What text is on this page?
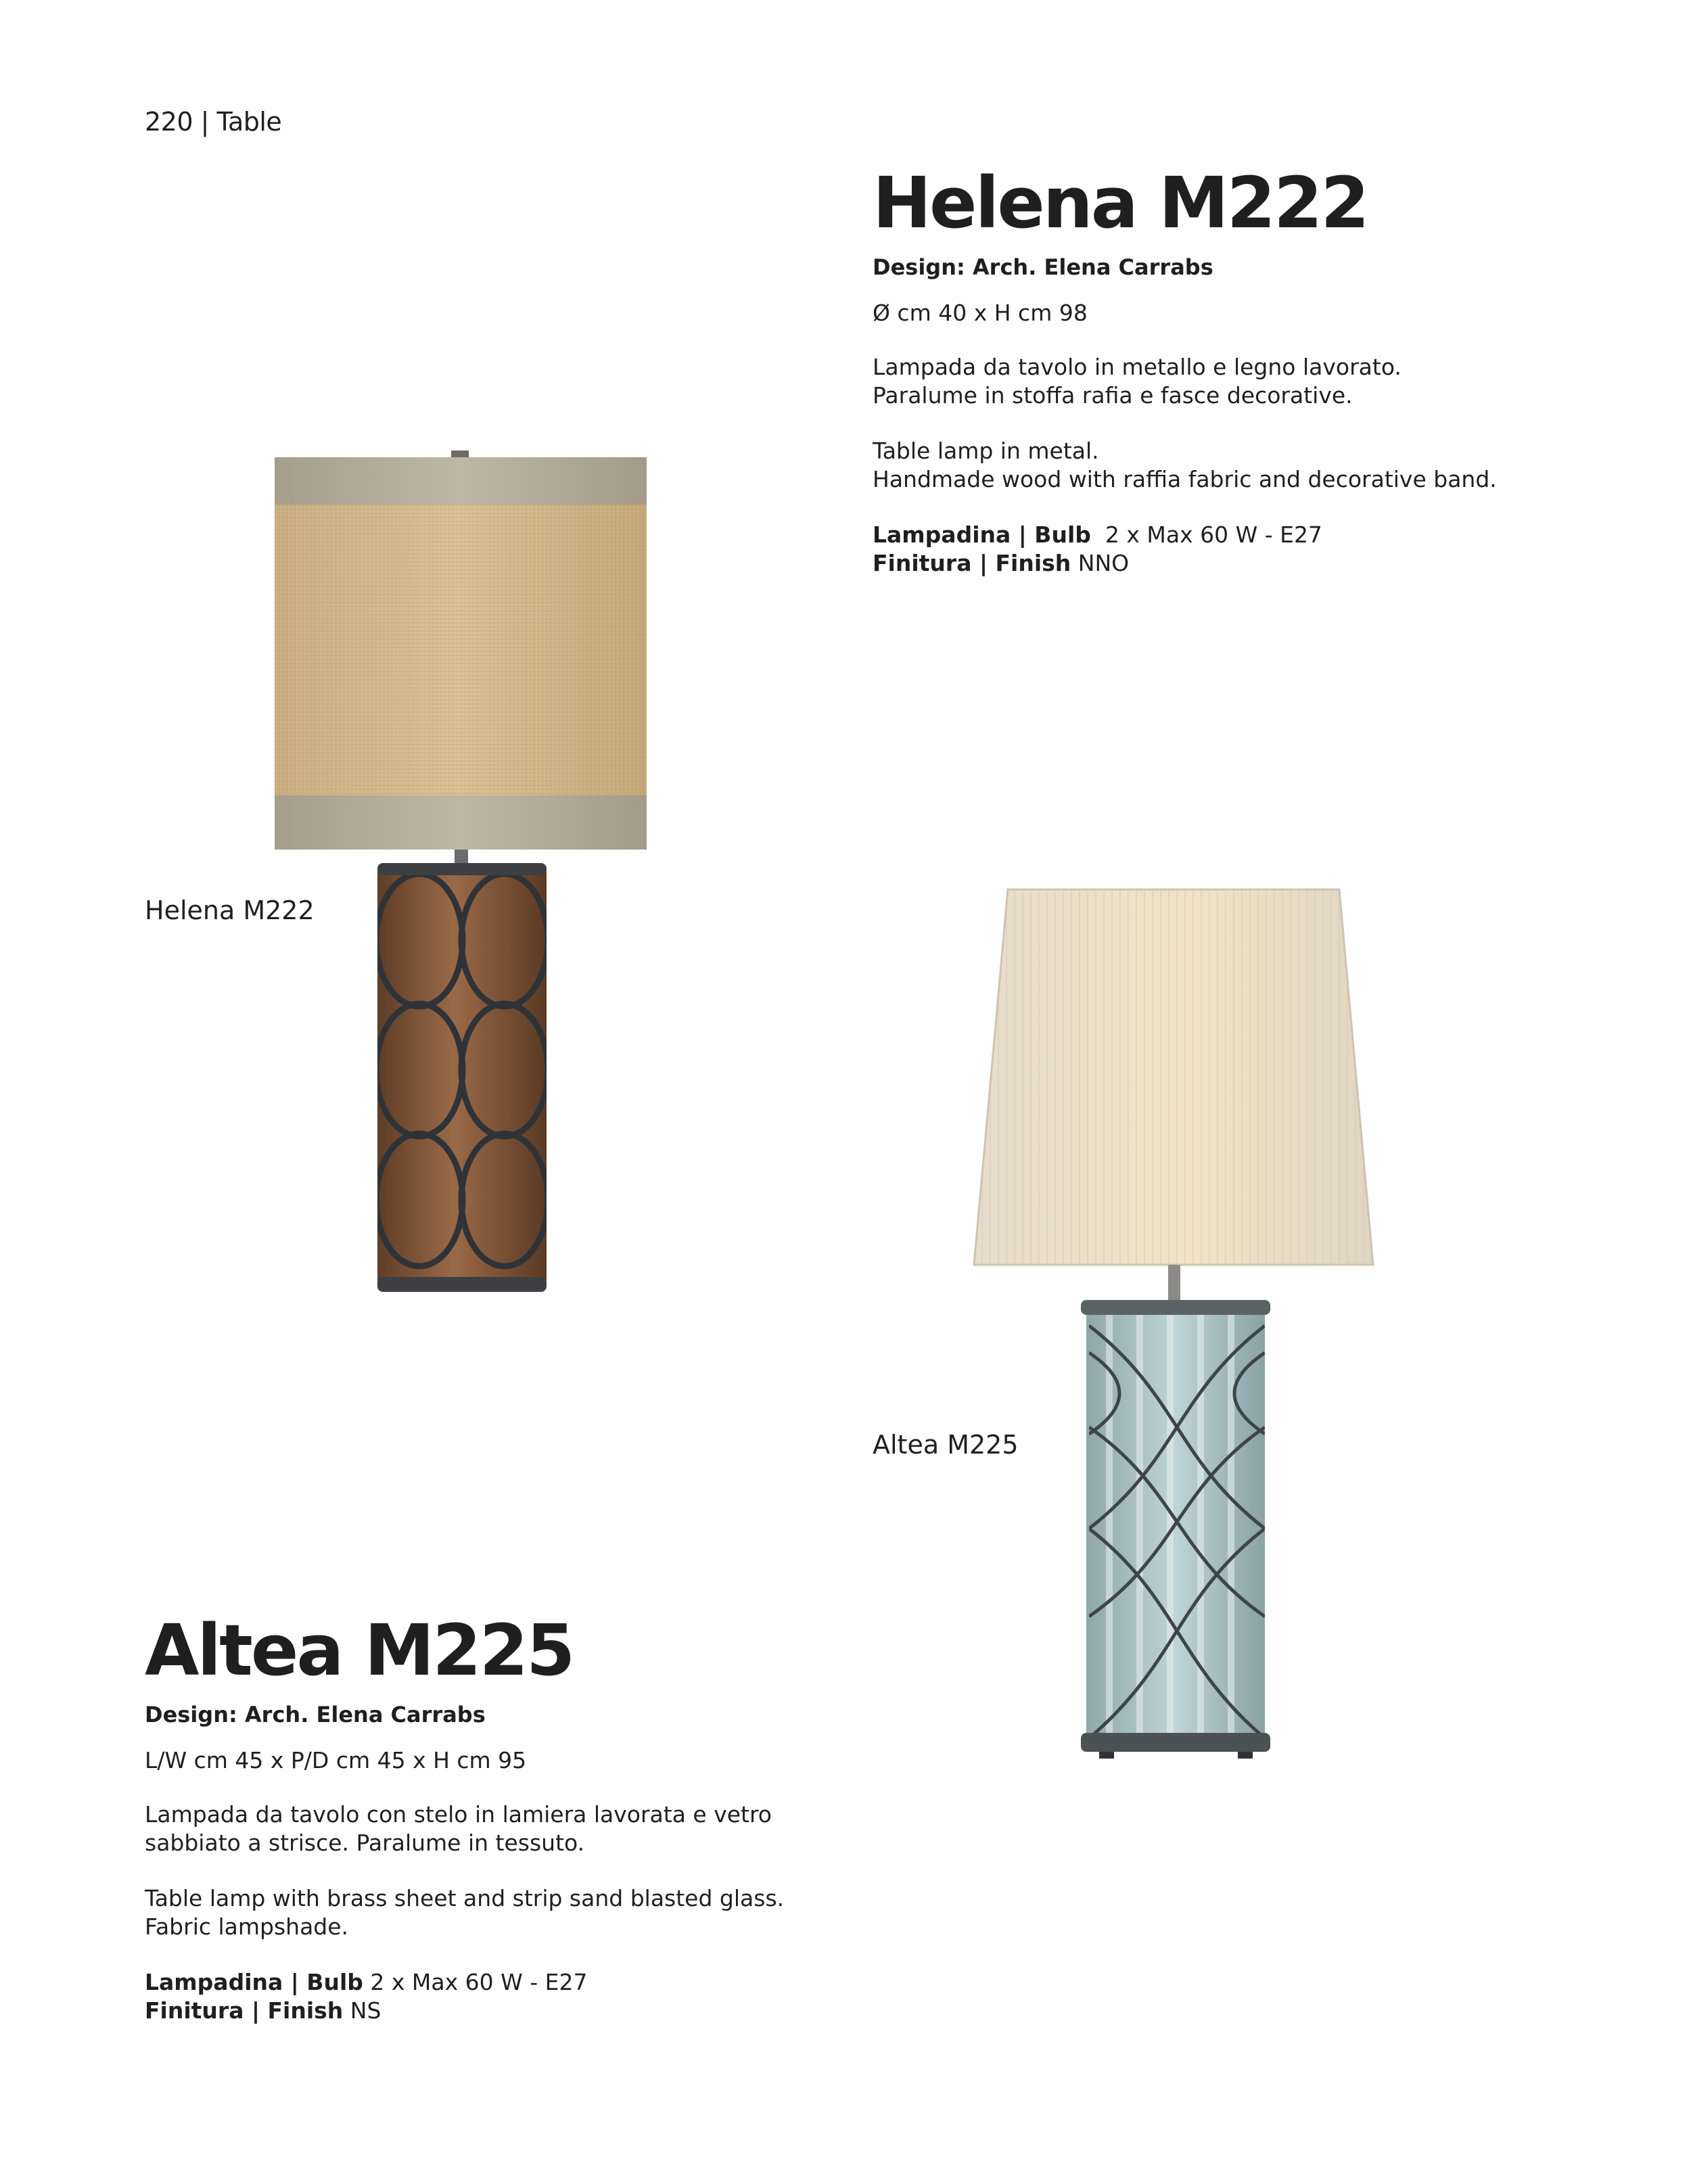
220 | Table
Helena M222
Design: Arch. Elena Carrabs
Ø cm 40 x H cm 98

Lampada da tavolo in metallo e legno lavorato.

Paralume in stoffa rafia e fasce decorative.

Table lamp in metal.

Handmade wood with raffia fabric and decorative band.

Lampadina | Bulb 2 x Max 60 W - E27

Finitura | Finish NNO

Helena M222
Altea M225
Altea M225
Design: Arch. Elena Carrabs
L/W cm 45 x P/D cm 45 x H cm 95

Lampada da tavolo con stelo in lamiera lavorata e vetro

sabbiato a strisce. Paralume in tessuto.

Table lamp with brass sheet and strip sand blasted glass.

Fabric lampshade.

Lampadina | Bulb 2 x Max 60 W - E27

Finitura | Finish NS
